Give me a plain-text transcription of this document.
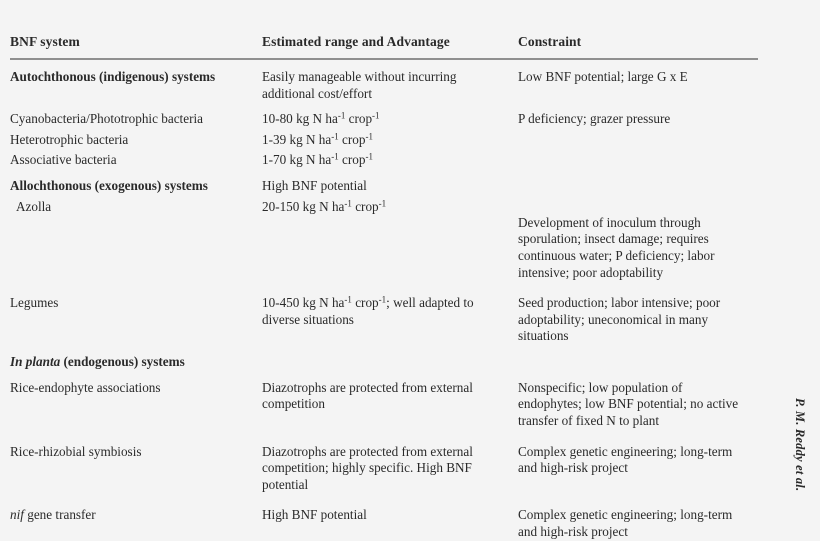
BNF system	Estimated range and Advantage	Constraint

Autochthonous (indigenous) systems	Easily manageable without incurring additional cost/effort	Low BNF potential; large G x E

Cyanobacteria/Phototrophic bacteria	10-80 kg N $ha^{-1}$ crop$^{-1}$	P deficiency; grazer pressure

Heterotrophic bacteria	1-39 kg N $ha^{-1}$ crop$^{-1}$	

Associative bacteria	1-70 kg N $ha^{-1}$ crop$^{-1}$	

Allochthonous (exogenous) systems	High BNF potential	

Azolla	20-150 kg N $ha^{-1}$ crop$^{-1}$	Development of inoculum through sporulation; insect damage; requires continuous water; P deficiency; labor intensive; poor adoptability

Legumes	10-450 kg N $ha^{-1}$ crop$^{-1}$; well adapted to diverse situations	Seed production; labor intensive; poor adoptability; uneconomical in many situations

In planta (endogenous) systems		

Rice-endophyte associations	Diazotrophs are protected from external competition	Nonspecific; low population of endophytes; low BNF potential; no active transfer of fixed N to plant

Rice-rhizobial symbiosis	Diazotrophs are protected from external competition; highly specific. High BNF potential	Complex genetic engineering; long-term and high-risk project

nif gene transfer	High BNF potential	Complex genetic engineering; long-term and high-risk project
P. M. Reddy et al.
